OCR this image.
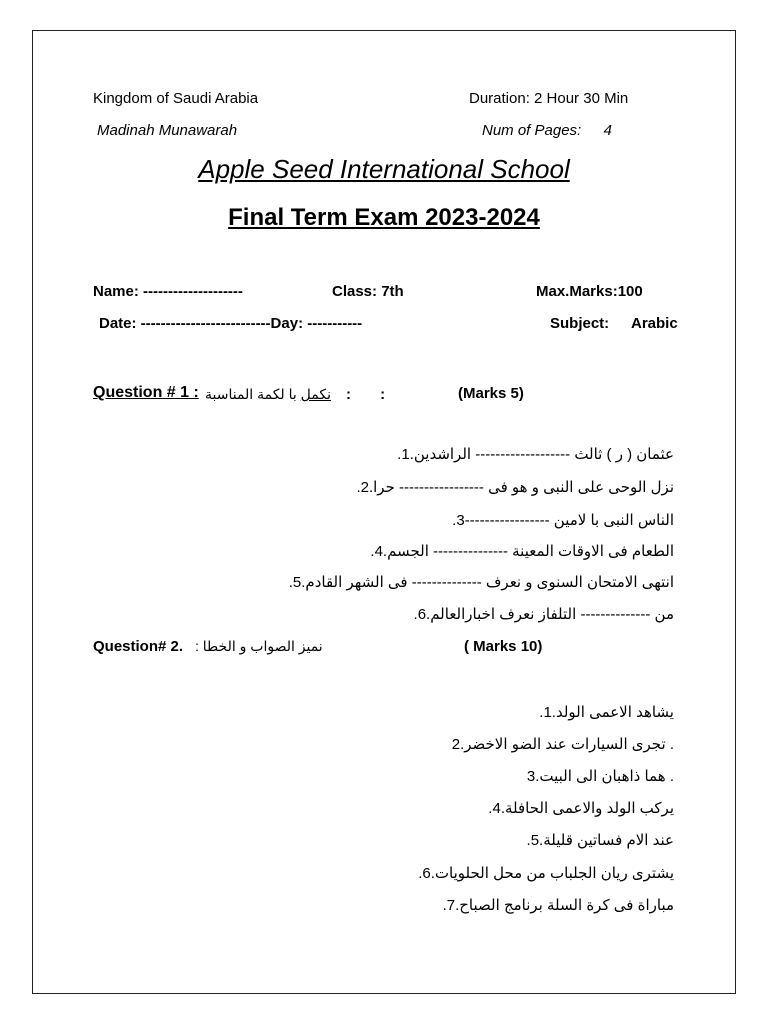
Kingdom of Saudi Arabia	Duration: 2 Hour 30 Min
Madinah Munawarah	Num of Pages: 4
Apple Seed International School
Final Term Exam 2023-2024
Name: --------------------	Class: 7th	Max.Marks:100
Date: --------------------------Day: -----------	Subject: Arabic
Question # 1 :	نكمل با لكمة المناسبة	:       :	(Marks 5)
عثمان ( ر ) ثالث ------------------- الراشدين.1.
نزل الوحى على النبى و هو فى ----------------- حرا.2.
الناس النبى با لامين -----------------3.
الطعام فى الاوقات المعينة --------------- الجسم.4.
انتهى الامتحان السنوى و نعرف -------------- فى الشهر القادم.5.
من -------------- التلفاز نعرف اخبارالعالم.6.
Question# 2. نميز الصواب و الخطا :	( Marks 10)
يشاهد الاعمى الولد.1.
. تجرى السيارات عند الضو الاخضر.2
. هما ذاهبان الى البيت.3
يركب الولد والاعمى الحافلة.4.
عند الام فساتين قليلة.5.
يشترى ريان الجلباب من محل الحلويات.6.
مباراة فى كرة السلة برنامج الصباح.7.
